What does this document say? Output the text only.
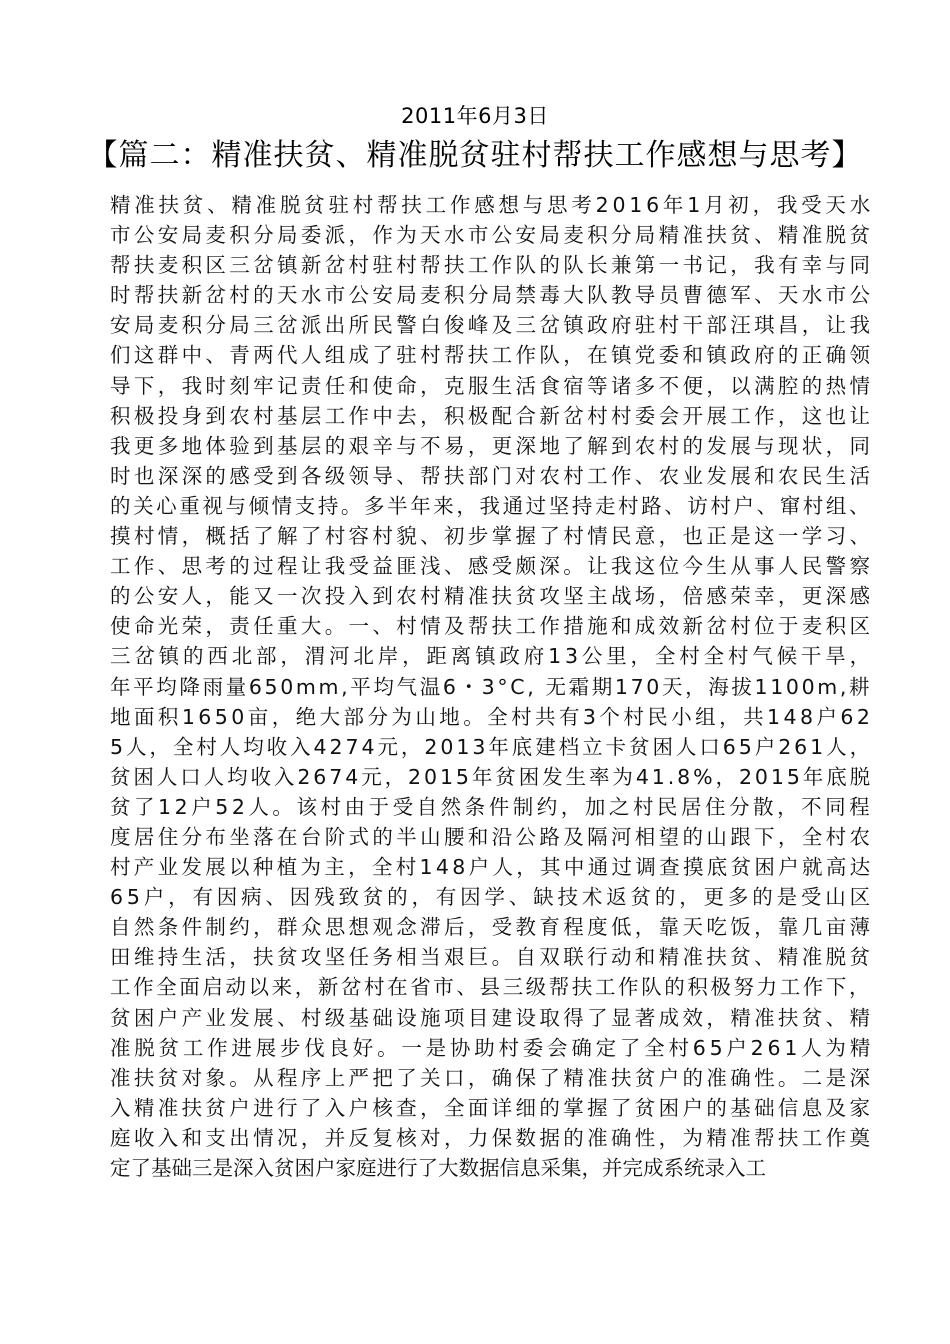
2011年6月3日
【篇二：精准扶贫、精准脱贫驻村帮扶工作感想与思考】
精准扶贫、精准脱贫驻村帮扶工作感想与思考2016年1月初，我受天水
市公安局麦积分局委派，作为天水市公安局麦积分局精准扶贫、精准脱贫
帮扶麦积区三岔镇新岔村驻村帮扶工作队的队长兼第一书记，我有幸与同
时帮扶新岔村的天水市公安局麦积分局禁毒大队教导员曹德军、天水市公
安局麦积分局三岔派出所民警白俊峰及三岔镇政府驻村干部汪琪昌，让我
们这群中、青两代人组成了驻村帮扶工作队，在镇党委和镇政府的正确领
导下，我时刻牢记责任和使命，克服生活食宿等诸多不便，以满腔的热情
积极投身到农村基层工作中去，积极配合新岔村村委会开展工作，这也让
我更多地体验到基层的艰辛与不易，更深地了解到农村的发展与现状，同
时也深深的感受到各级领导、帮扶部门对农村工作、农业发展和农民生活
的关心重视与倾情支持。多半年来，我通过坚持走村路、访村户、窜村组、
摸村情，概括了解了村容村貌、初步掌握了村情民意，也正是这一学习、
工作、思考的过程让我受益匪浅、感受颇深。让我这位今生从事人民警察
的公安人，能又一次投入到农村精准扶贫攻坚主战场，倍感荣幸，更深感
使命光荣，责任重大。一、村情及帮扶工作措施和成效新岔村位于麦积区
三岔镇的西北部，渭河北岸，距离镇政府13公里，全村全村气候干旱，
年平均降雨量650mm,平均气温6・3°C, 无霜期170天，海拔1100m,耕
地面积1650亩，绝大部分为山地。全村共有3个村民小组，共148户62
5人，全村人均收入4274元，2013年底建档立卡贫困人口65户261人，
贫困人口人均收入2674元，2015年贫困发生率为41.8%，2015年底脱
贫了12户52人。该村由于受自然条件制约，加之村民居住分散，不同程
度居住分布坐落在台阶式的半山腰和沿公路及隔河相望的山跟下，全村农
村产业发展以种植为主，全村148户人，其中通过调查摸底贫困户就高达
65户，有因病、因残致贫的，有因学、缺技术返贫的，更多的是受山区
自然条件制约，群众思想观念滞后，受教育程度低，靠天吃饭，靠几亩薄
田维持生活，扶贫攻坚任务相当艰巨。自双联行动和精准扶贫、精准脱贫
工作全面启动以来，新岔村在省市、县三级帮扶工作队的积极努力工作下，
贫困户产业发展、村级基础设施项目建设取得了显著成效，精准扶贫、精
准脱贫工作进展步伐良好。一是协助村委会确定了全村65户261人为精
准扶贫对象。从程序上严把了关口，确保了精准扶贫户的准确性。二是深
入精准扶贫户进行了入户核查，全面详细的掌握了贫困户的基础信息及家
庭收入和支出情况，并反复核对，力保数据的准确性，为精准帮扶工作奠
定了基础三是深入贫困户家庭进行了大数据信息采集，并完成系统录入工
